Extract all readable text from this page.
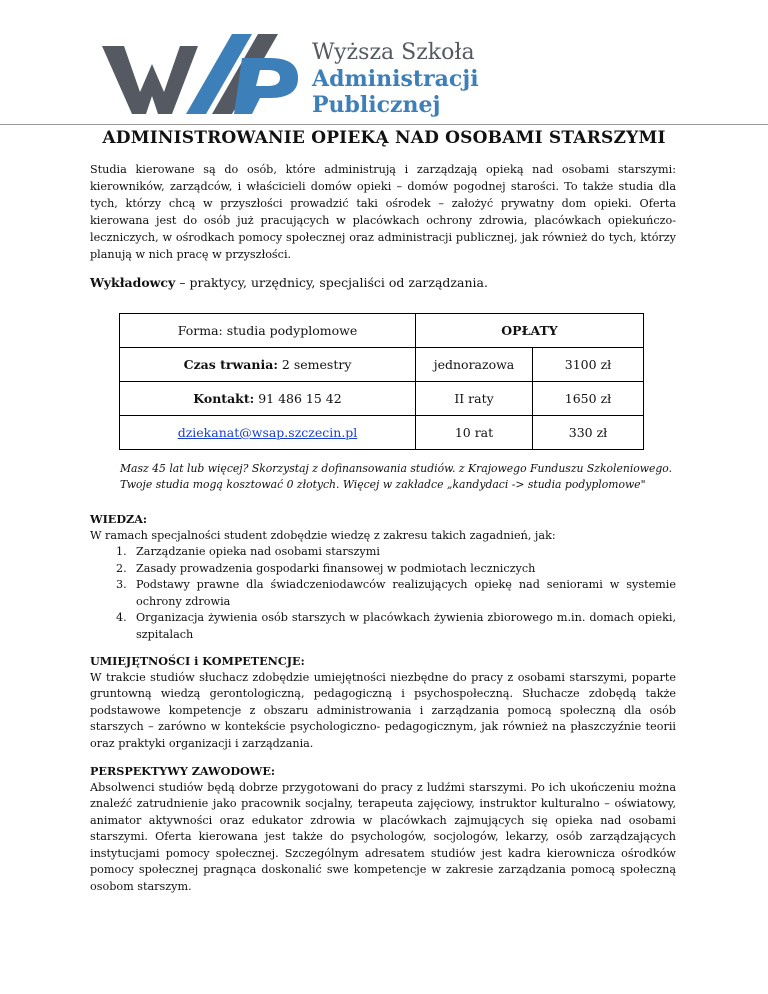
Wyższa Szkoła
Administracji
Publicznej
ADMINISTROWANIE OPIEKĄ NAD OSOBAMI STARSZYMI
Studia kierowane są do osób, które administrują i zarządzają opieką nad osobami starszymi: kierowników, zarządców, i właścicieli domów opieki – domów pogodnej starości. To także studia dla tych, którzy chcą w przyszłości prowadzić taki ośrodek – założyć prywatny dom opieki. Oferta kierowana jest do osób już pracujących w placówkach ochrony zdrowia, placówkach opiekuńczo-leczniczych, w ośrodkach pomocy społecznej oraz administracji publicznej, jak również do tych, którzy planują w nich pracę w przyszłości.
Wykładowcy – praktycy, urzędnicy, specjaliści od zarządzania.
Forma: studia podyplomowe	OPŁATY	
Czas trwania: 2 semestry	jednorazowa	3100 zł
Kontakt: 91 486 15 42	II raty	1650 zł
dziekanat@wsap.szczecin.pl	10 rat	330 zł
Masz 45 lat lub więcej? Skorzystaj z dofinansowania studiów. z Krajowego Funduszu Szkoleniowego.
Twoje studia mogą kosztować 0 złotych. Więcej w zakładce „kandydaci -> studia podyplomowe"
WIEDZA:

W ramach specjalności student zdobędzie wiedzę z zakresu takich zagadnień, jak:

1. Zarządzanie opieka nad osobami starszymi
2. Zasady prowadzenia gospodarki finansowej w podmiotach leczniczych
3. Podstawy prawne dla świadczeniodawców realizujących opiekę nad seniorami w systemie ochrony zdrowia
4. Organizacja żywienia osób starszych w placówkach żywienia zbiorowego m.in. domach opieki, szpitalach
UMIEJĘTNOŚCI i KOMPETENCJE:

W trakcie studiów słuchacz zdobędzie umiejętności niezbędne do pracy z osobami starszymi, poparte gruntowną wiedzą gerontologiczną, pedagogiczną i psychospołeczną. Słuchacze zdobędą także podstawowe kompetencje z obszaru administrowania i zarządzania pomocą społeczną dla osób starszych – zarówno w kontekście psychologiczno- pedagogicznym, jak również na płaszczyźnie teorii oraz praktyki organizacji i zarządzania.

PERSPEKTYWY ZAWODOWE:

Absolwenci studiów będą dobrze przygotowani do pracy z ludźmi starszymi. Po ich ukończeniu można znaleźć zatrudnienie jako pracownik socjalny, terapeuta zajęciowy, instruktor kulturalno – oświatowy, animator aktywności oraz edukator zdrowia w placówkach zajmujących się opieka nad osobami starszymi. Oferta kierowana jest także do psychologów, socjologów, lekarzy, osób zarządzających instytucjami pomocy społecznej. Szczególnym adresatem studiów jest kadra kierownicza ośrodków pomocy społecznej pragnąca doskonalić swe kompetencje w zakresie zarządzania pomocą społeczną osobom starszym.
